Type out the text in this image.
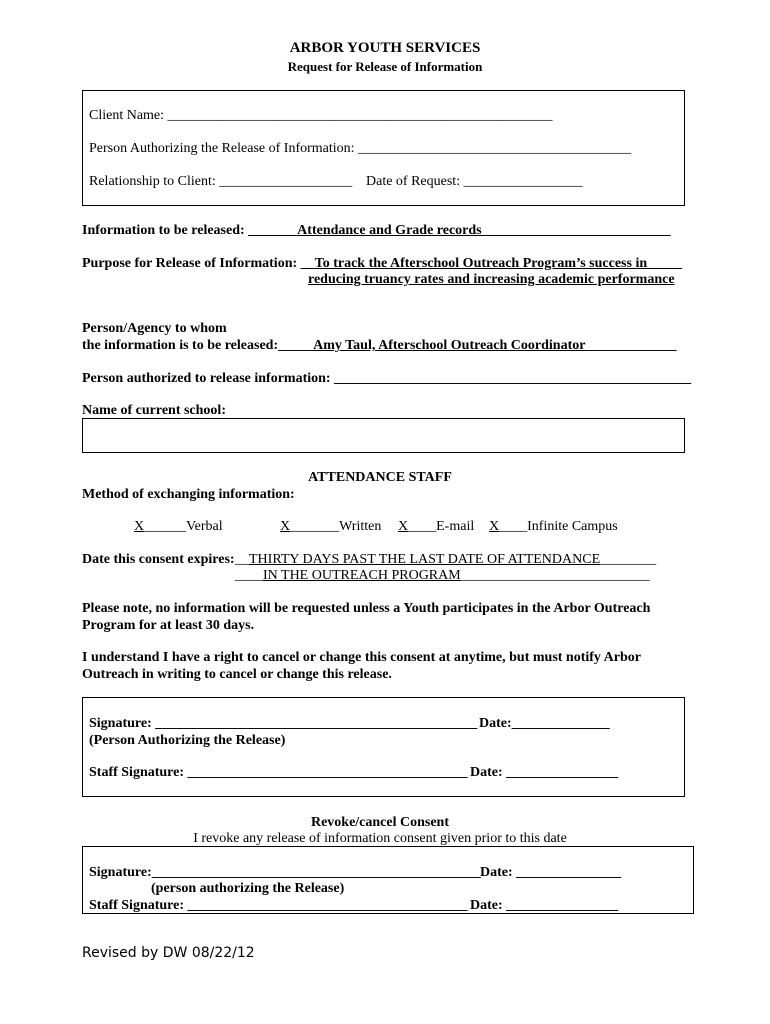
ARBOR YOUTH SERVICES
Request for Release of Information
Client Name: _______________________________________________________
Person Authorizing the Release of Information: _______________________________________
Relationship to Client: ___________________ Date of Request: _________________
Information to be released: _______Attendance and Grade records___________________________
Purpose for Release of Information: __To track the Afterschool Outreach Program’s success in_____
reducing truancy rates and increasing academic performance
Person/Agency to whom
the information is to be released:_____Amy Taul, Afterschool Outreach Coordinator_____________
Person authorized to release information: ___________________________________________________
Name of current school:
ATTENDANCE STAFF
Method of exchanging information:
X______Verbal	X_______Written X____E-mail X____Infinite Campus
Date this consent expires: __THIRTY DAYS PAST THE LAST DATE OF ATTENDANCE________
____IN THE OUTREACH PROGRAM___________________________
Please note, no information will be requested unless a Youth participates in the Arbor Outreach
Program for at least 30 days.
I understand I have a right to cancel or change this consent at anytime, but must notify Arbor
Outreach in writing to cancel or change this release.
Signature: ______________________________________________ Date:______________
(Person Authorizing the Release)
Staff Signature: ________________________________________ Date: ________________
Revoke/cancel Consent
I revoke any release of information consent given prior to this date
Signature:_______________________________________________ Date: _______________
(person authorizing the Release)
Staff Signature: ________________________________________ Date: ________________
Revised by DW 08/22/12
